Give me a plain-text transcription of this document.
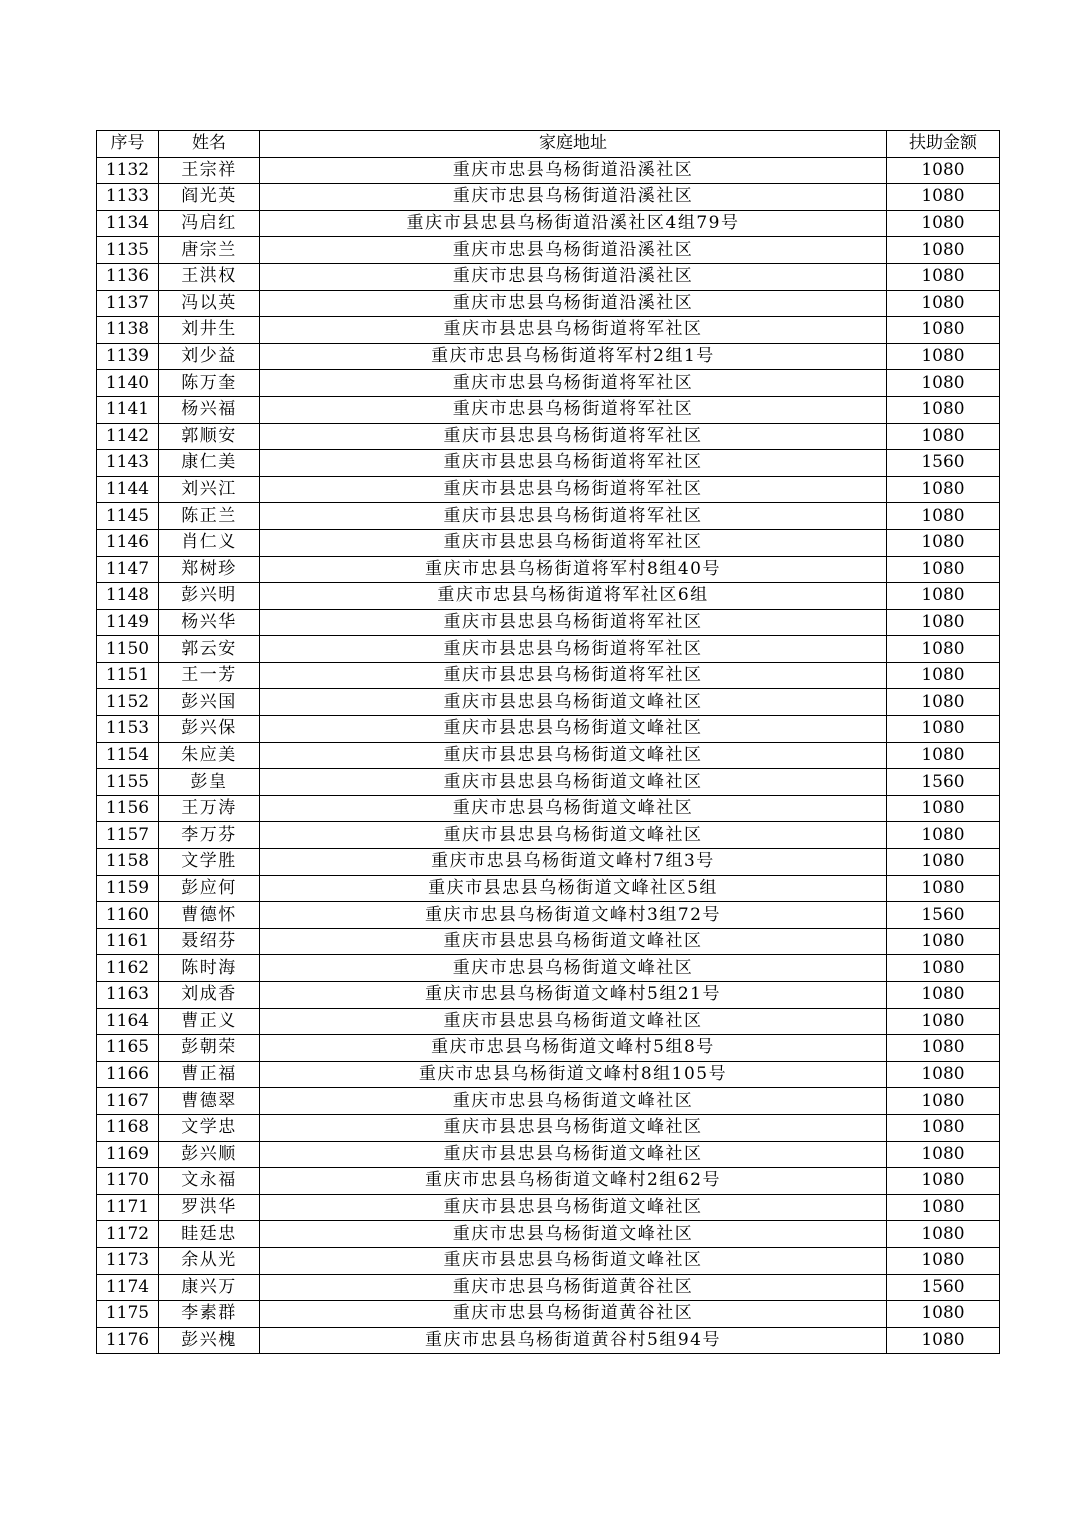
序号	姓名	家庭地址	扶助金额
1132	王宗祥	重庆市忠县乌杨街道沿溪社区	1080
1133	阎光英	重庆市忠县乌杨街道沿溪社区	1080
1134	冯启红	重庆市县忠县乌杨街道沿溪社区4组79号	1080
1135	唐宗兰	重庆市忠县乌杨街道沿溪社区	1080
1136	王洪权	重庆市忠县乌杨街道沿溪社区	1080
1137	冯以英	重庆市忠县乌杨街道沿溪社区	1080
1138	刘井生	重庆市县忠县乌杨街道将军社区	1080
1139	刘少益	重庆市忠县乌杨街道将军村2组1号	1080
1140	陈万奎	重庆市忠县乌杨街道将军社区	1080
1141	杨兴福	重庆市忠县乌杨街道将军社区	1080
1142	郭顺安	重庆市县忠县乌杨街道将军社区	1080
1143	康仁美	重庆市县忠县乌杨街道将军社区	1560
1144	刘兴江	重庆市县忠县乌杨街道将军社区	1080
1145	陈正兰	重庆市县忠县乌杨街道将军社区	1080
1146	肖仁义	重庆市县忠县乌杨街道将军社区	1080
1147	郑树珍	重庆市忠县乌杨街道将军村8组40号	1080
1148	彭兴明	重庆市忠县乌杨街道将军社区6组	1080
1149	杨兴华	重庆市县忠县乌杨街道将军社区	1080
1150	郭云安	重庆市县忠县乌杨街道将军社区	1080
1151	王一芳	重庆市县忠县乌杨街道将军社区	1080
1152	彭兴国	重庆市县忠县乌杨街道文峰社区	1080
1153	彭兴保	重庆市县忠县乌杨街道文峰社区	1080
1154	朱应美	重庆市县忠县乌杨街道文峰社区	1080
1155	彭皇	重庆市县忠县乌杨街道文峰社区	1560
1156	王万涛	重庆市忠县乌杨街道文峰社区	1080
1157	李万芬	重庆市县忠县乌杨街道文峰社区	1080
1158	文学胜	重庆市忠县乌杨街道文峰村7组3号	1080
1159	彭应何	重庆市县忠县乌杨街道文峰社区5组	1080
1160	曹德怀	重庆市忠县乌杨街道文峰村3组72号	1560
1161	聂绍芬	重庆市县忠县乌杨街道文峰社区	1080
1162	陈时海	重庆市忠县乌杨街道文峰社区	1080
1163	刘成香	重庆市忠县乌杨街道文峰村5组21号	1080
1164	曹正义	重庆市县忠县乌杨街道文峰社区	1080
1165	彭朝荣	重庆市忠县乌杨街道文峰村5组8号	1080
1166	曹正福	重庆市忠县乌杨街道文峰村8组105号	1080
1167	曹德翠	重庆市忠县乌杨街道文峰社区	1080
1168	文学忠	重庆市县忠县乌杨街道文峰社区	1080
1169	彭兴顺	重庆市县忠县乌杨街道文峰社区	1080
1170	文永福	重庆市忠县乌杨街道文峰村2组62号	1080
1171	罗洪华	重庆市县忠县乌杨街道文峰社区	1080
1172	眭廷忠	重庆市忠县乌杨街道文峰社区	1080
1173	余从光	重庆市县忠县乌杨街道文峰社区	1080
1174	康兴万	重庆市忠县乌杨街道黄谷社区	1560
1175	李素群	重庆市忠县乌杨街道黄谷社区	1080
1176	彭兴槐	重庆市忠县乌杨街道黄谷村5组94号	1080
